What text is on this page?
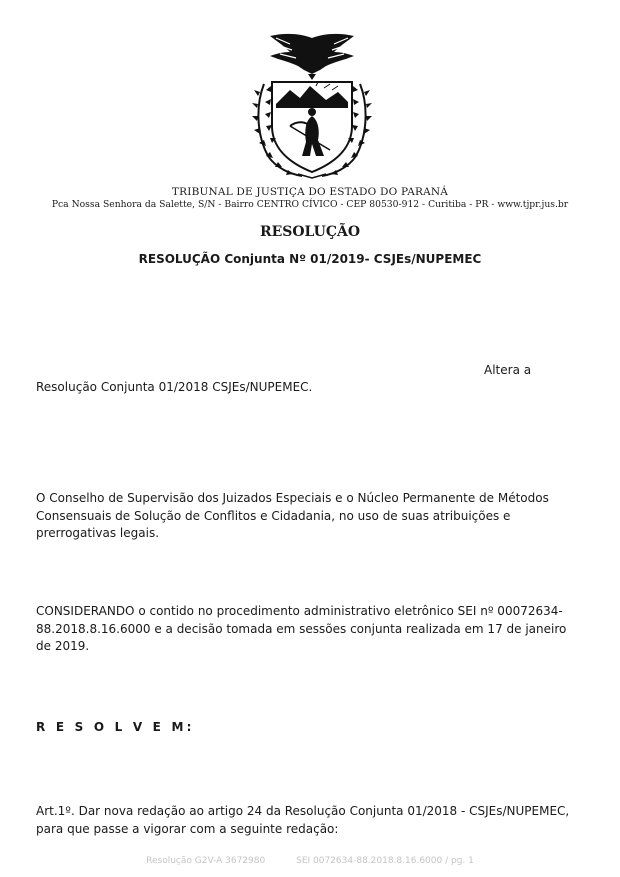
TRIBUNAL DE JUSTIÇA DO ESTADO DO PARANÁ
Pca Nossa Senhora da Salette, S/N - Bairro CENTRO CÍVICO - CEP 80530-912 - Curitiba - PR - www.tjpr.jus.br
RESOLUÇÃO
RESOLUÇÃO Conjunta Nº 01/2019- CSJEs/NUPEMEC
Altera a
Resolução Conjunta 01/2018 CSJEs/NUPEMEC.
O Conselho de Supervisão dos Juizados Especiais e o Núcleo Permanente de Métodos Consensuais de Solução de Conflitos e Cidadania, no uso de suas atribuições e prerrogativas legais.
CONSIDERANDO o contido no procedimento administrativo eletrônico SEI nº 00072634-88.2018.8.16.6000 e a decisão tomada em sessões conjunta realizada em 17 de janeiro de 2019.
R E S O L V E M:
Art.1º. Dar nova redação ao artigo 24 da Resolução Conjunta 01/2018 - CSJEs/NUPEMEC, para que passe a vigorar com a seguinte redação:
Resolução G2V-A 3672980	SEI 0072634-88.2018.8.16.6000 / pg. 1
